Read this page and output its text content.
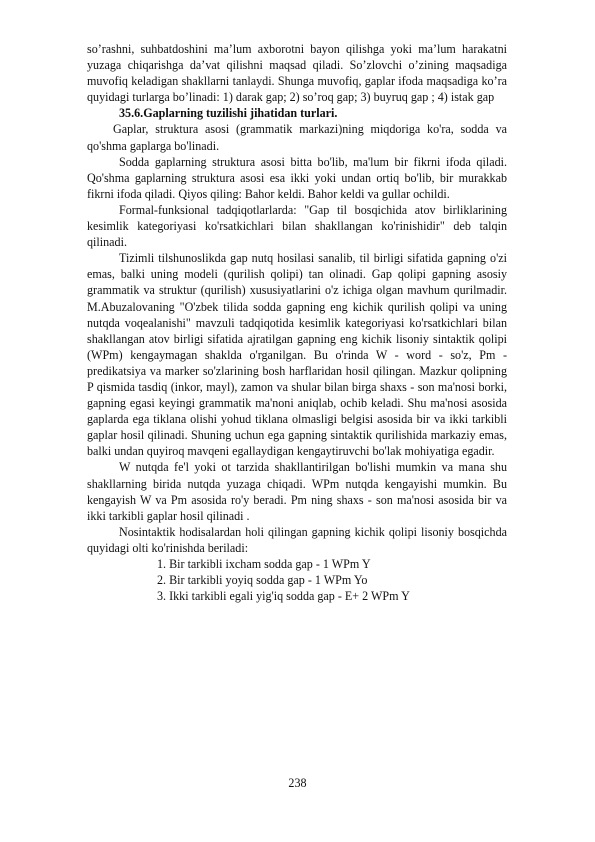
so’rashni, suhbatdoshini ma’lum axborotni bayon qilishga yoki ma’lum harakatni yuzaga chiqarishga da’vat qilishni maqsad qiladi. So’zlovchi o’zining maqsadiga muvofiq keladigan shakllarni tanlaydi. Shunga muvofiq, gaplar ifoda maqsadiga ko’ra quyidagi turlarga bo’linadi: 1) darak gap; 2) so’roq gap; 3) buyruq gap ; 4) istak gap

35.6.Gaplarning tuzilishi jihatidan turlari.

Gaplar, struktura asosi (grammatik markazi)ning miqdoriga ko'ra, sodda va qo'shma gaplarga bo'linadi.

Sodda gaplarning struktura asosi bitta bo'lib, ma'lum bir fikrni ifoda qiladi. Qo'shma gaplarning struktura asosi esa ikki yoki undan ortiq bo'lib, bir murakkab fikrni ifoda qiladi. Qiyos qiling: Bahor keldi. Bahor keldi va gullar ochildi.

Formal-funksional tadqiqotlarlarda: "Gap til bosqichida atov birliklarining kesimlik kategoriyasi ko'rsatkichlari bilan shakllangan ko'rinishidir" deb talqin qilinadi.

Tizimli tilshunoslikda gap nutq hosilasi sanalib, til birligi sifatida gapning o'zi emas, balki uning modeli (qurilish qolipi) tan olinadi. Gap qolipi gapning asosiy grammatik va struktur (qurilish) xususiyatlarini o'z ichiga olgan mavhum qurilmadir. M.Abuzalovaning "O'zbek tilida sodda gapning eng kichik qurilish qolipi va uning nutqda voqealanishi" mavzuli tadqiqotida kesimlik kategoriyasi ko'rsatkichlari bilan shakllangan atov birligi sifatida ajratilgan gapning eng kichik lisoniy sintaktik qolipi (WPm) kengaymagan shaklda o'rganilgan. Bu o'rinda W - word - so'z, Pm - predikatsiya va marker so'zlarining bosh harflaridan hosil qilingan. Mazkur qolipning P qismida tasdiq (inkor, mayl), zamon va shular bilan birga shaxs - son ma'nosi borki, gapning egasi keyingi grammatik ma'noni aniqlab, ochib keladi. Shu ma'nosi asosida gaplarda ega tiklana olishi yohud tiklana olmasligi belgisi asosida bir va ikki tarkibli gaplar hosil qilinadi. Shuning uchun ega gapning sintaktik qurilishida markaziy emas, balki undan quyiroq mavqeni egallaydigan kengaytiruvchi bo'lak mohiyatiga egadir.

W nutqda fe'l yoki ot tarzida shakllantirilgan bo'lishi mumkin va mana shu shakllarning birida nutqda yuzaga chiqadi. WPm nutqda kengayishi mumkin. Bu kengayish W va Pm asosida ro'y beradi. Pm ning shaxs - son ma'nosi asosida bir va ikki tarkibli gaplar hosil qilinadi .

Nosintaktik hodisalardan holi qilingan gapning kichik qolipi lisoniy bosqichda quyidagi olti ko'rinishda beriladi:

1. Bir tarkibli ixcham sodda gap - 1 WPm Y

2. Bir tarkibli yoyiq sodda gap - 1 WPm Yo

3. Ikki tarkibli egali yig'iq sodda gap - E+ 2 WPm Y

238
